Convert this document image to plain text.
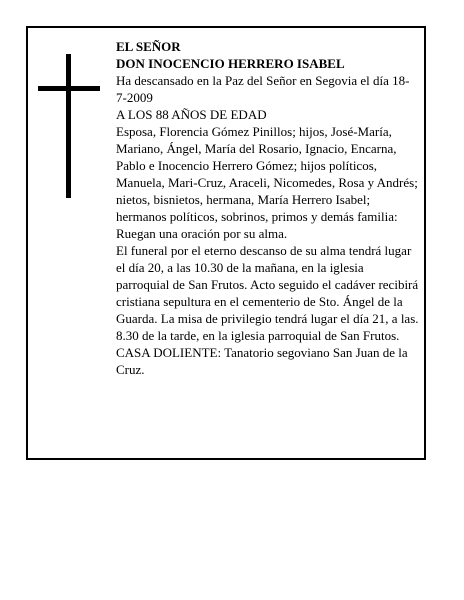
EL SEÑOR

DON INOCENCIO HERRERO ISABEL

Ha descansado en la Paz del Señor en Segovia el día 18-7-2009

A LOS 88 AÑOS DE EDAD

Esposa, Florencia Gómez Pinillos; hijos, José-María, Mariano, Ángel, María del Rosario, Ignacio, Encarna, Pablo e Inocencio Herrero Gómez; hijos políticos, Manuela, Mari-Cruz, Araceli, Nicomedes, Rosa y Andrés; nietos, bisnietos, hermana, María Herrero Isabel; hermanos políticos, sobrinos, primos y demás familia:

Ruegan una oración por su alma.

El funeral por el eterno descanso de su alma tendrá lugar el día 20, a las 10.30 de la mañana, en la iglesia parroquial de San Frutos. Acto seguido el cadáver recibirá cristiana sepultura en el cementerio de Sto. Ángel de la Guarda. La misa de privilegio tendrá lugar el día 21, a las. 8.30 de la tarde, en la iglesia parroquial de San Frutos.

CASA DOLIENTE: Tanatorio segoviano San Juan de la Cruz.
